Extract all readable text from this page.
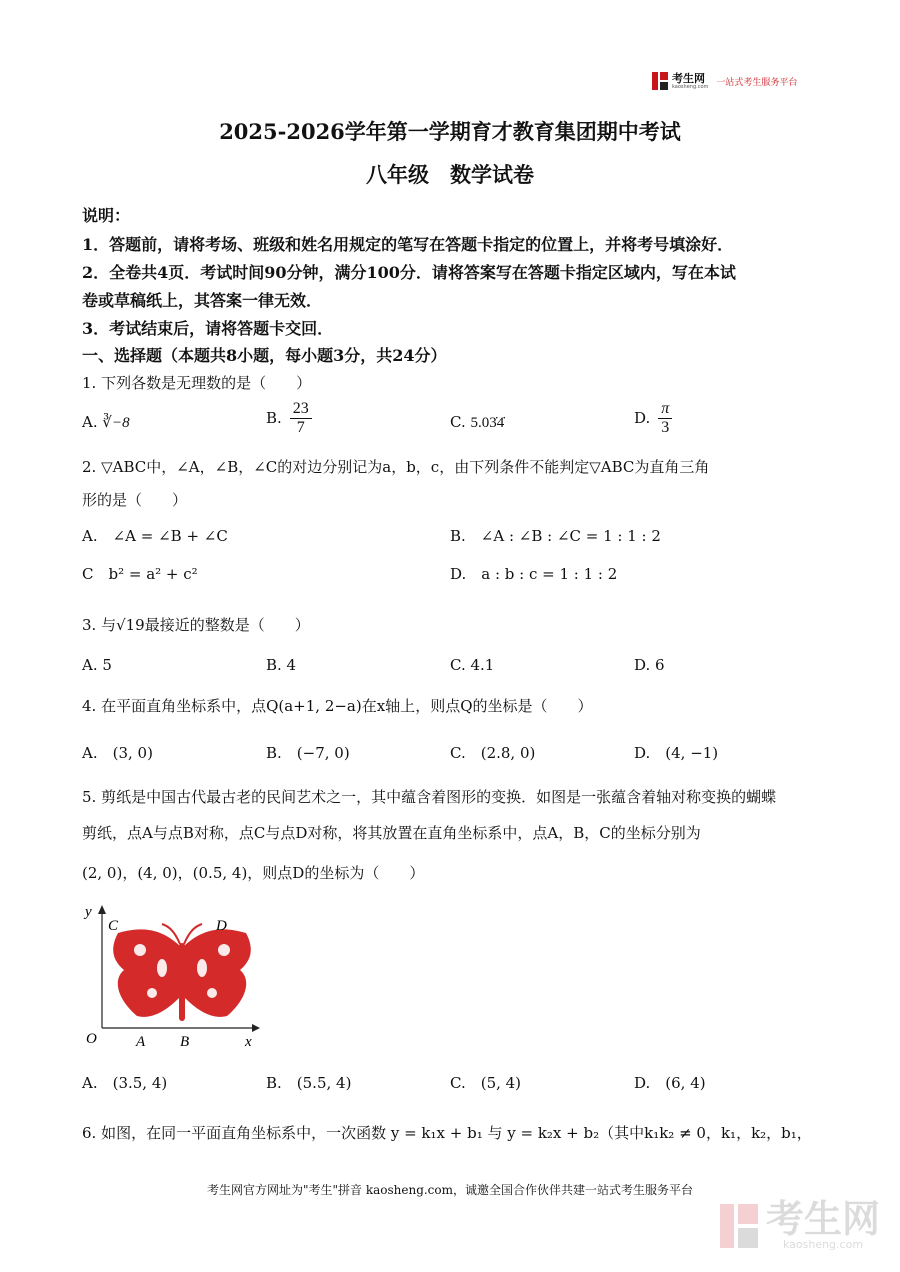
考生网
kaosheng.com 一站式考生服务平台
2025-2026学年第一学期育才教育集团期中考试
八年级　数学试卷
说明：
1．答题前，请将考场、班级和姓名用规定的笔写在答题卡指定的位置上，并将考号填涂好．
2．全卷共4页．考试时间90分钟，满分100分．请将答案写在答题卡指定区域内，写在本试
卷或草稿纸上，其答案一律无效．
3．考试结束后，请将答题卡交回．
一、选择题（本题共8小题，每小题3分，共24分）
1. 下列各数是无理数的是（　　）
A. ∛−8	B. $\frac{23}{7}$	C. 5.03̇4̇	D. $\frac{\pi}{3}$
2. ▽ABC中，∠A，∠B，∠C的对边分别记为a，b，c，由下列条件不能判定▽ABC为直角三角
形的是（　　）
A.　∠A = ∠B + ∠C	B.　∠A : ∠B : ∠C = 1 : 1 : 2
C　b² = a² + c²	D.　a : b : c = 1 : 1 : 2
3. 与√19最接近的整数是（　　）
A. 5	B. 4	C. 4.1	D. 6
4. 在平面直角坐标系中，点Q(a+1, 2−a)在x轴上，则点Q的坐标是（　　）
A.　(3, 0)	B.　(−7, 0)	C.　(2.8, 0)	D.　(4, −1)
5. 剪纸是中国古代最古老的民间艺术之一，其中蕴含着图形的变换．如图是一张蕴含着轴对称变换的蝴蝶
剪纸，点A与点B对称，点C与点D对称，将其放置在直角坐标系中，点A，B，C的坐标分别为
(2, 0)，(4, 0)，(0.5, 4)，则点D的坐标为（　　）
y
x
O	A B
C	D
A.　(3.5, 4)	B.　(5.5, 4)	C.　(5, 4)	D.　(6, 4)
6. 如图，在同一平面直角坐标系中，一次函数 y = k₁x + b₁ 与 y = k₂x + b₂（其中k₁k₂ ≠ 0，k₁，k₂，b₁，
考生网官方网址为"考生"拼音 kaosheng.com，诚邀全国合作伙伴共建一站式考生服务平台
考生网
kaosheng.com
